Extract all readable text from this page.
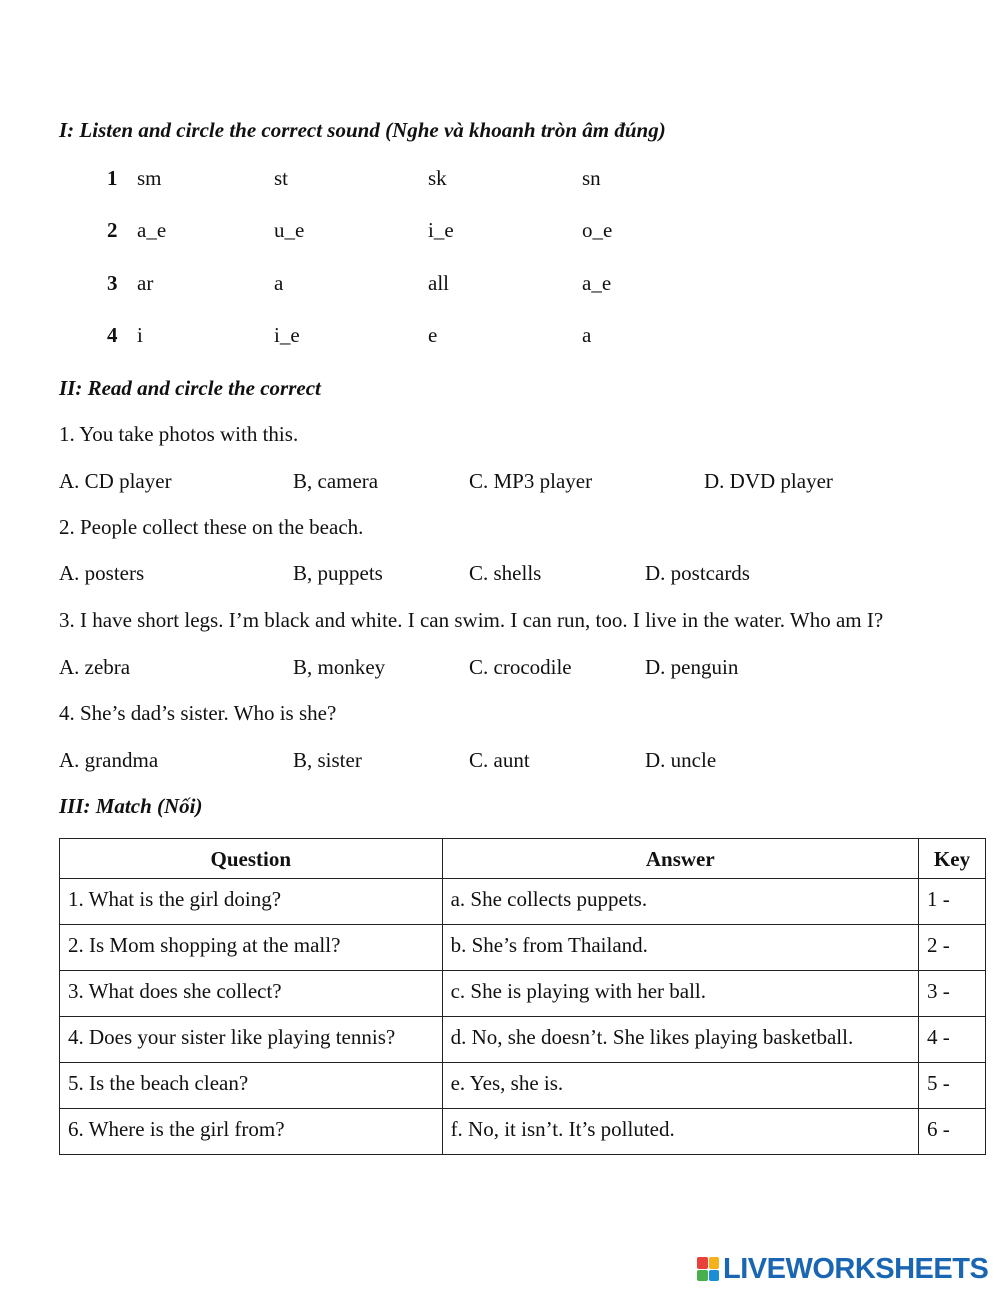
I: Listen and circle the correct sound (Nghe và khoanh tròn âm đúng)
1 sm	st	sk	sn
2 a_e	u_e	i_e	o_e
3 ar	a	all	a_e
4 i	i_e	e	a
II: Read and circle the correct
1. You take photos with this.
A. CD player	B, camera	C. MP3 player	D. DVD player
2. People collect these on the beach.
A. posters	B, puppets	C. shells	D. postcards
3. I have short legs. I’m black and white. I can swim. I can run, too. I live in the water. Who am I?
A. zebra	B, monkey	C. crocodile	D. penguin
4. She’s dad’s sister. Who is she?
A. grandma	B, sister	C. aunt	D. uncle
III: Match (Nối)
Question	Answer	Key
1. What is the girl doing?	a. She collects puppets.	1 -
2. Is Mom shopping at the mall?	b. She’s from Thailand.	2 -
3. What does she collect?	c. She is playing with her ball.	3 -
4. Does your sister like playing tennis?	d. No, she doesn’t. She likes playing basketball.	4 -
5. Is the beach clean?	e. Yes, she is.	5 -
6. Where is the girl from?	f. No, it isn’t. It’s polluted.	6 -
LIVEWORKSHEETS
